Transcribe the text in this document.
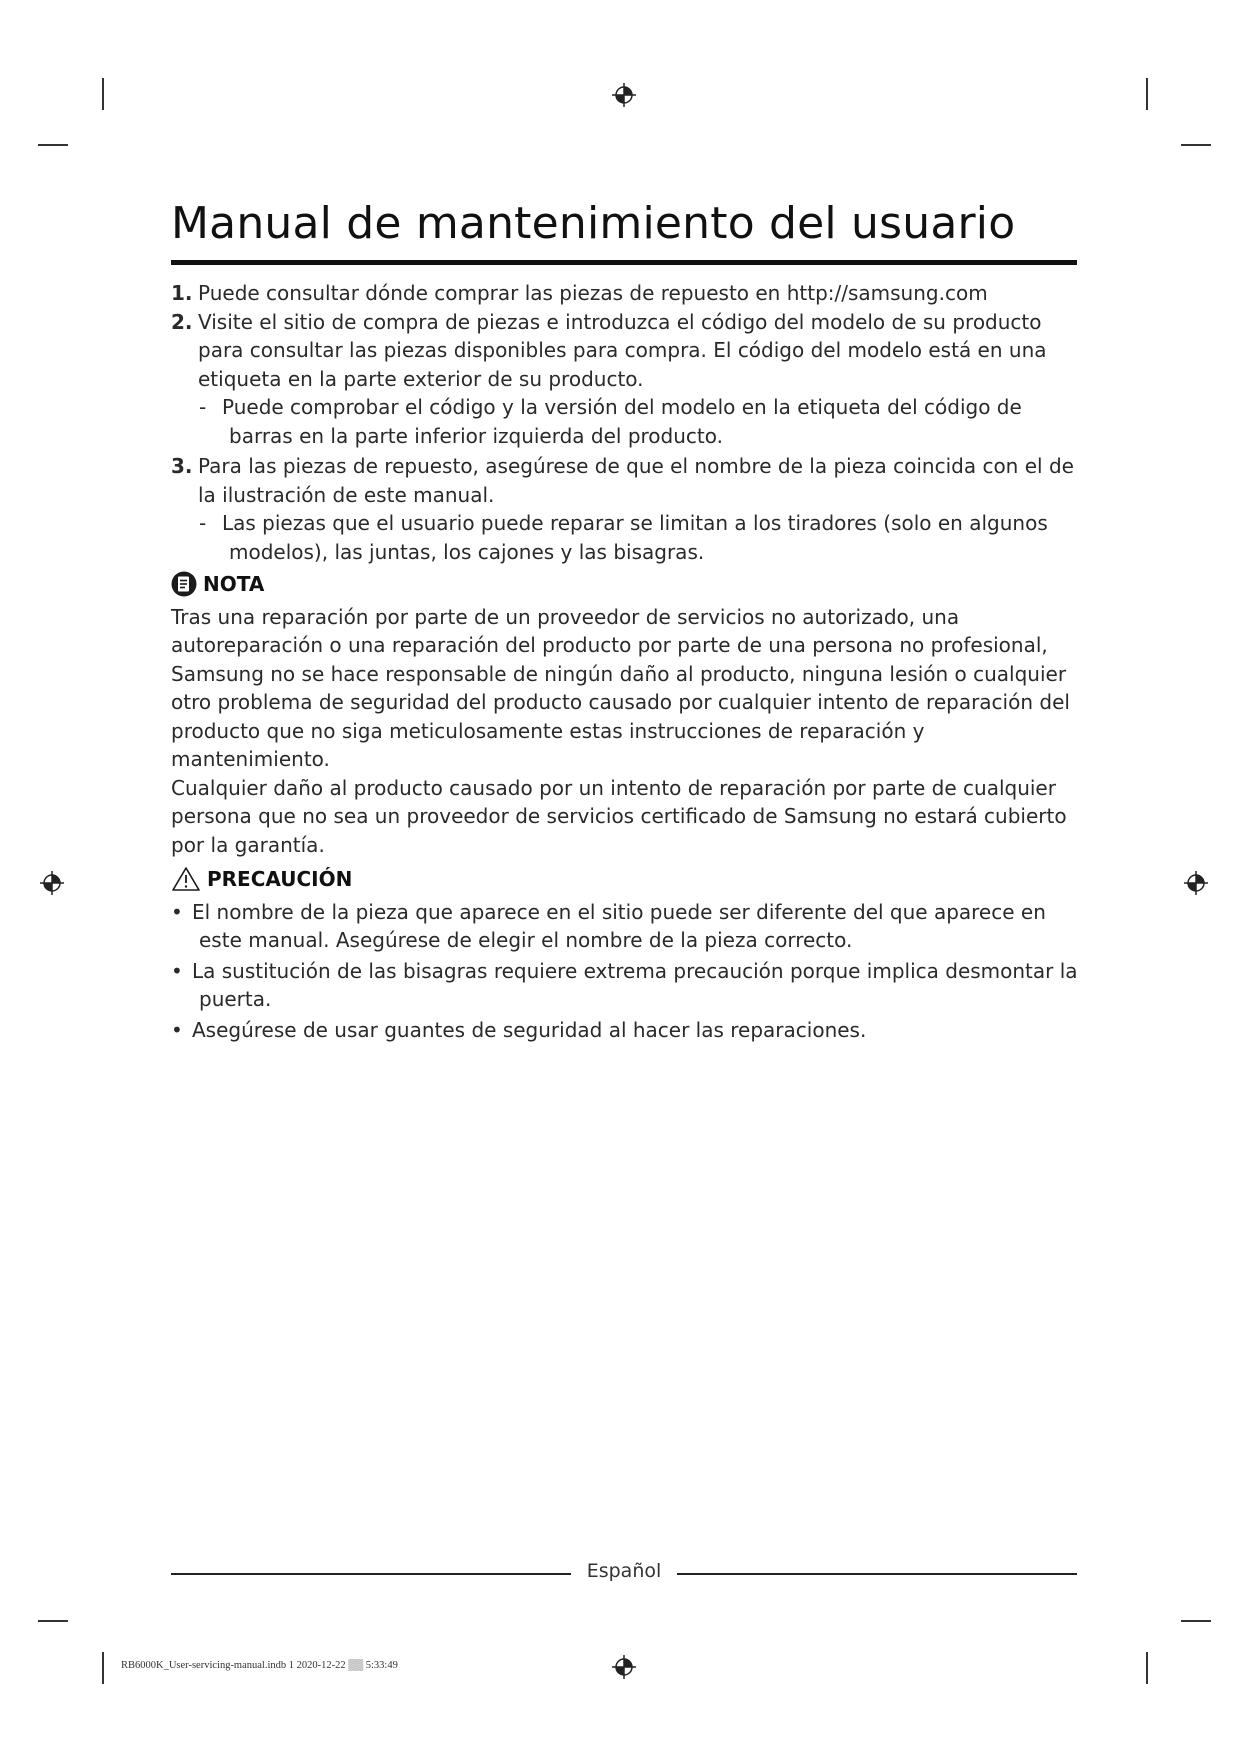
Manual de mantenimiento del usuario
1. Puede consultar dónde comprar las piezas de repuesto en http://samsung.com
2. Visite el sitio de compra de piezas e introduzca el código del modelo de su producto
para consultar las piezas disponibles para compra. El código del modelo está en una
etiqueta en la parte exterior de su producto.
- Puede comprobar el código y la versión del modelo en la etiqueta del código de
barras en la parte inferior izquierda del producto.
3. Para las piezas de repuesto, asegúrese de que el nombre de la pieza coincida con el de
la ilustración de este manual.
- Las piezas que el usuario puede reparar se limitan a los tiradores (solo en algunos
modelos), las juntas, los cajones y las bisagras.
NOTA
Tras una reparación por parte de un proveedor de servicios no autorizado, una
autoreparación o una reparación del producto por parte de una persona no profesional,
Samsung no se hace responsable de ningún daño al producto, ninguna lesión o cualquier
otro problema de seguridad del producto causado por cualquier intento de reparación del
producto que no siga meticulosamente estas instrucciones de reparación y mantenimiento.
Cualquier daño al producto causado por un intento de reparación por parte de cualquier
persona que no sea un proveedor de servicios certificado de Samsung no estará cubierto
por la garantía.
PRECAUCIÓN
• El nombre de la pieza que aparece en el sitio puede ser diferente del que aparece en
este manual. Asegúrese de elegir el nombre de la pieza correcto.
• La sustitución de las bisagras requiere extrema precaución porque implica desmontar la
puerta.
• Asegúrese de usar guantes de seguridad al hacer las reparaciones.
Español
RB6000K_User-servicing-manual.indb 1 2020-12-22 ▒▒ 5:33:49
